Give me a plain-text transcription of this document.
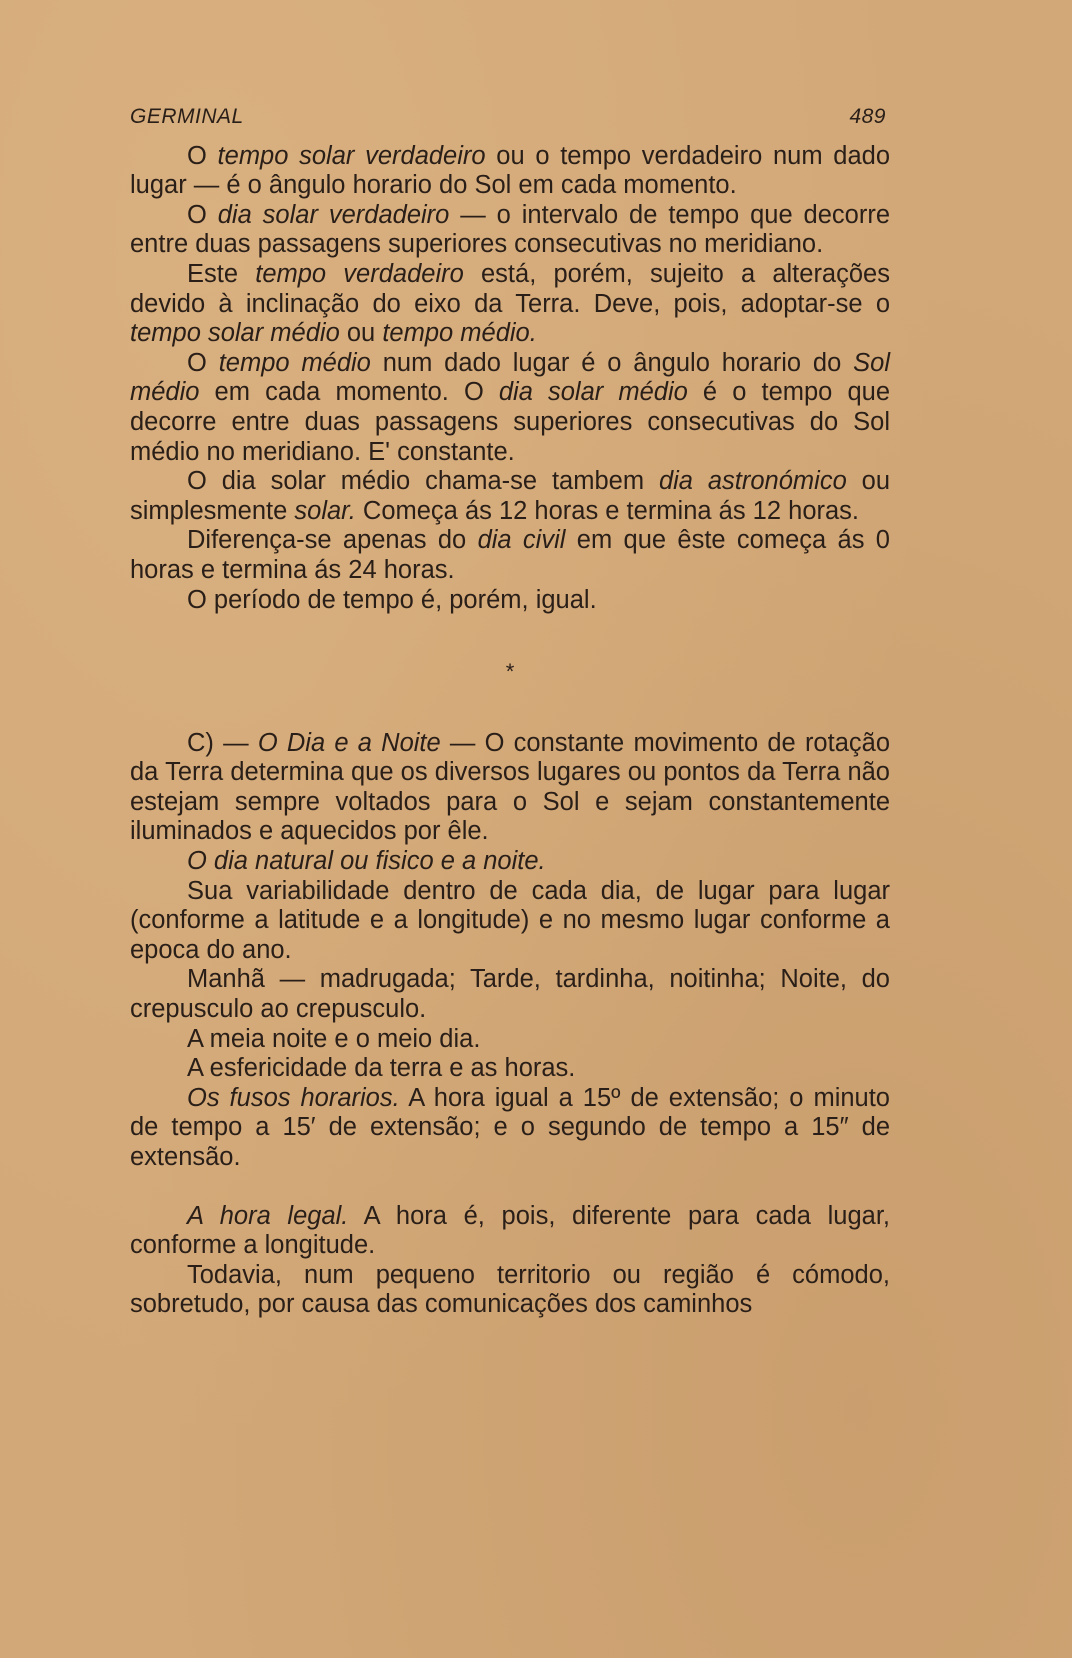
GERMINAL	489

O tempo solar verdadeiro ou o tempo verdadeiro num dado lugar — é o ângulo horario do Sol em cada momento.

O dia solar verdadeiro — o intervalo de tempo que decorre entre duas passagens superiores consecutivas no meridiano.

Este tempo verdadeiro está, porém, sujeito a alterações devido à inclinação do eixo da Terra. Deve, pois, adoptar-se o tempo solar médio ou tempo médio.

O tempo médio num dado lugar é o ângulo horario do Sol médio em cada momento. O dia solar médio é o tempo que decorre entre duas passagens superiores consecutivas do Sol médio no meridiano. E' constante.

O dia solar médio chama-se tambem dia astronómico ou simplesmente solar. Começa ás 12 horas e termina ás 12 horas.

Diferença-se apenas do dia civil em que êste começa ás 0 horas e termina ás 24 horas.

O período de tempo é, porém, igual.

*

C) — O Dia e a Noite — O constante movimento de rotação da Terra determina que os diversos lugares ou pontos da Terra não estejam sempre voltados para o Sol e sejam constantemente iluminados e aquecidos por êle.

O dia natural ou fisico e a noite.

Sua variabilidade dentro de cada dia, de lugar para lugar (conforme a latitude e a longitude) e no mesmo lugar conforme a epoca do ano.

Manhã — madrugada; Tarde, tardinha, noitinha; Noite, do crepusculo ao crepusculo.

A meia noite e o meio dia.

A esfericidade da terra e as horas.

Os fusos horarios. A hora igual a 15º de extensão; o minuto de tempo a 15′ de extensão; e o segundo de tempo a 15″ de extensão.

A hora legal. A hora é, pois, diferente para cada lugar, conforme a longitude.

Todavia, num pequeno territorio ou região é cómodo, sobretudo, por causa das comunicações dos caminhos
